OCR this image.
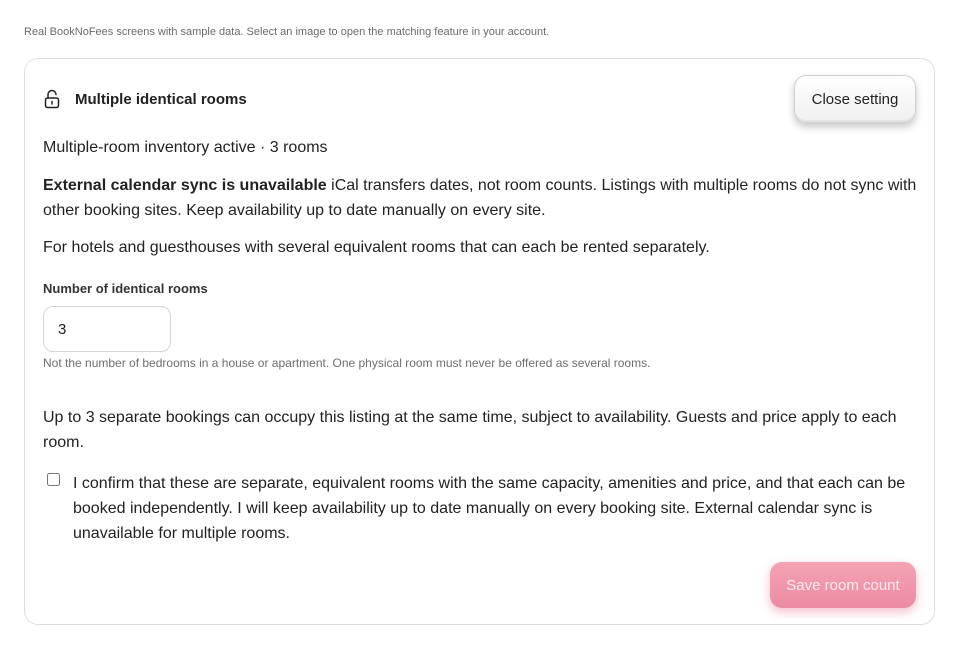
Real BookNoFees screens with sample data. Select an image to open the matching feature in your account.
Multiple identical rooms	Close setting
Multiple-room inventory active · 3 rooms
External calendar sync is unavailable iCal transfers dates, not room counts. Listings with multiple rooms do not sync with other booking sites. Keep availability up to date manually on every site.
For hotels and guesthouses with several equivalent rooms that can each be rented separately.
Number of identical rooms
3
Not the number of bedrooms in a house or apartment. One physical room must never be offered as several rooms.
Up to 3 separate bookings can occupy this listing at the same time, subject to availability. Guests and price apply to each room.
I confirm that these are separate, equivalent rooms with the same capacity, amenities and price, and that each can be booked independently. I will keep availability up to date manually on every booking site. External calendar sync is unavailable for multiple rooms.
Save room count
